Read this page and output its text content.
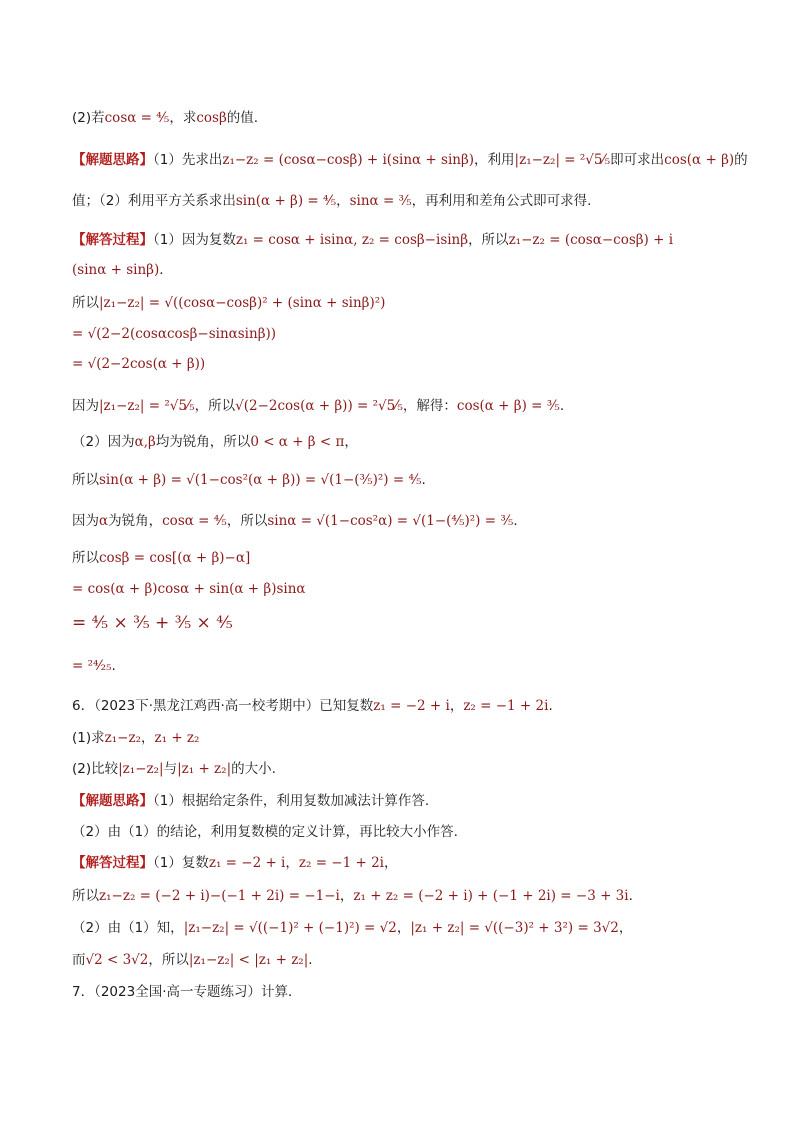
(2)若cosα = ⁴⁄₅，求cosβ的值.
【解题思路】（1）先求出z₁−z₂ = (cosα−cosβ) + i(sinα + sinβ)，利用|z₁−z₂| = ²√5⁄₅即可求出cos(α + β)的
值；（2）利用平方关系求出sin(α + β) = ⁴⁄₅，sinα = ³⁄₅，再利用和差角公式即可求得.
【解答过程】（1）因为复数z₁ = cosα + isinα, z₂ = cosβ−isinβ，所以z₁−z₂ = (cosα−cosβ) + i
(sinα + sinβ).
所以|z₁−z₂| = √((cosα−cosβ)² + (sinα + sinβ)²)
= √(2−2(cosαcosβ−sinαsinβ))
= √(2−2cos(α + β))
因为|z₁−z₂| = ²√5⁄₅，所以√(2−2cos(α + β)) = ²√5⁄₅，解得：cos(α + β) = ³⁄₅.
（2）因为α,β均为锐角，所以0 < α + β < π，
所以sin(α + β) = √(1−cos²(α + β)) = √(1−(³⁄₅)²) = ⁴⁄₅.
因为α为锐角，cosα = ⁴⁄₅，所以sinα = √(1−cos²α) = √(1−(⁴⁄₅)²) = ³⁄₅.
所以cosβ = cos[(α + β)−α]
= cos(α + β)cosα + sin(α + β)sinα
= ⁴⁄₅ × ³⁄₅ + ³⁄₅ × ⁴⁄₅
= ²⁴⁄₂₅.
6．（2023下·黑龙江鸡西·高一校考期中）已知复数z₁ = −2 + i，z₂ = −1 + 2i.
(1)求z₁−z₂，z₁ + z₂
(2)比较|z₁−z₂|与|z₁ + z₂|的大小.
【解题思路】（1）根据给定条件，利用复数加减法计算作答.
（2）由（1）的结论，利用复数模的定义计算，再比较大小作答.
【解答过程】（1）复数z₁ = −2 + i，z₂ = −1 + 2i，
所以z₁−z₂ = (−2 + i)−(−1 + 2i) = −1−i，z₁ + z₂ = (−2 + i) + (−1 + 2i) = −3 + 3i.
（2）由（1）知，|z₁−z₂| = √((−1)² + (−1)²) = √2，|z₁ + z₂| = √((−3)² + 3²) = 3√2，
而√2 < 3√2，所以|z₁−z₂| < |z₁ + z₂|.
7．（2023全国·高一专题练习）计算．
